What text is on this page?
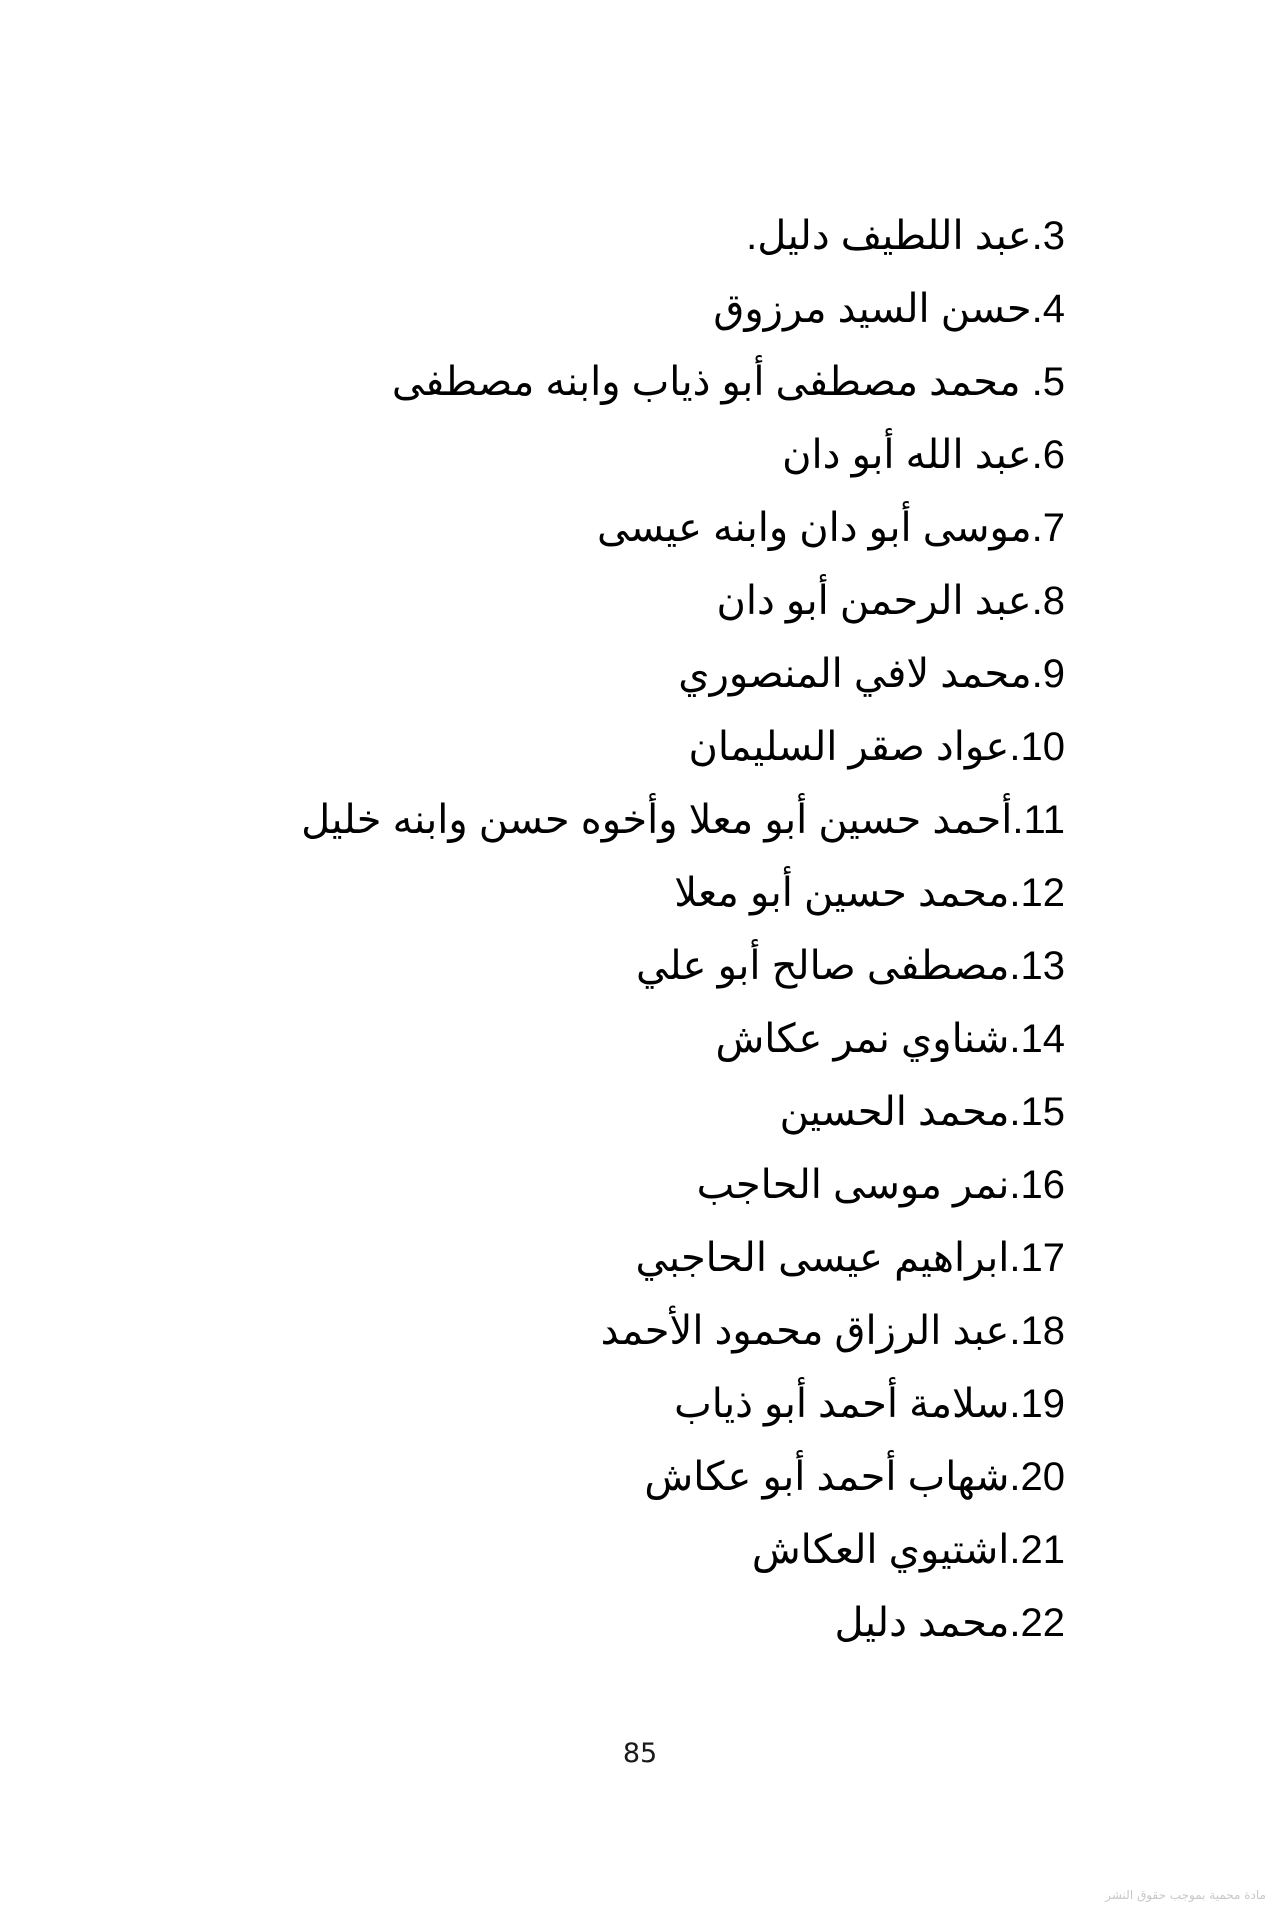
3.عبد اللطيف دليل.
4.حسن السيد مرزوق
5. محمد مصطفى أبو ذياب وابنه مصطفى
6.عبد الله أبو دان
7.موسى أبو دان وابنه عيسى
8.عبد الرحمن أبو دان
9.محمد لافي المنصوري
10.عواد صقر السليمان
11.أحمد حسين أبو معلا وأخوه حسن وابنه خليل
12.محمد حسين أبو معلا
13.مصطفى صالح أبو علي
14.شناوي نمر عكاش
15.محمد الحسين
16.نمر موسى الحاجب
17.ابراهيم عيسى الحاجبي
18.عبد الرزاق محمود الأحمد
19.سلامة أحمد أبو ذياب
20.شهاب أحمد أبو عكاش
21.اشتيوي العكاش
22.محمد دليل
85
مادة محمية بموجب حقوق النشر
